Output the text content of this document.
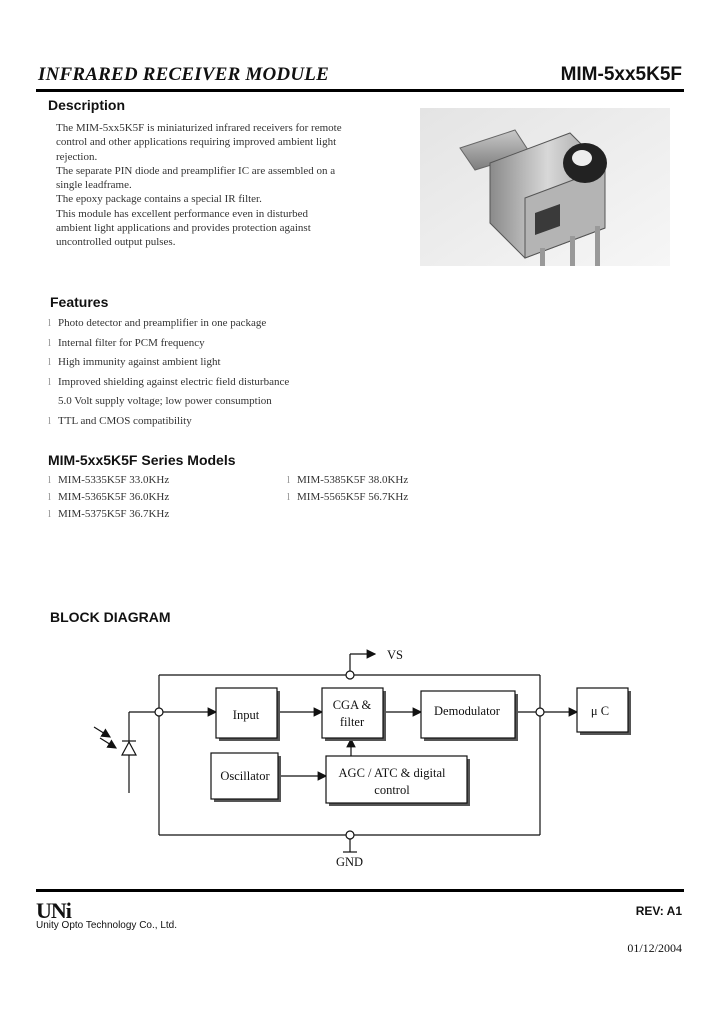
INFRARED RECEIVER MODULE	MIM-5xx5K5F
Description

The MIM-5xx5K5F is miniaturized infrared receivers for remote control and other applications requiring improved ambient light rejection.

The separate PIN diode and preamplifier IC are assembled on a single leadframe.

The epoxy package contains a special IR filter.

This module has excellent performance even in disturbed ambient light applications and provides protection against uncontrolled output pulses.

Features
l Photo detector and preamplifier in one package
l Internal filter for PCM frequency
l High immunity against ambient light
l Improved shielding against electric field disturbance
5.0 Volt supply voltage; low power consumption
l TTL and CMOS compatibility
MIM-5xx5K5F Series Models
l MIM-5335K5F 33.0KHz
l MIM-5365K5F 36.0KHz
l MIM-5375K5F 36.7KHz
l MIM-5385K5F 38.0KHz
l MIM-5565K5F 56.7KHz
BLOCK DIAGRAM
VS
GND
Input
CGA &
filter
Demodulator	μ C
Oscillator	AGC / ATC & digital
control
UNi
Unity Opto Technology Co., Ltd.
REV: A1
01/12/2004
